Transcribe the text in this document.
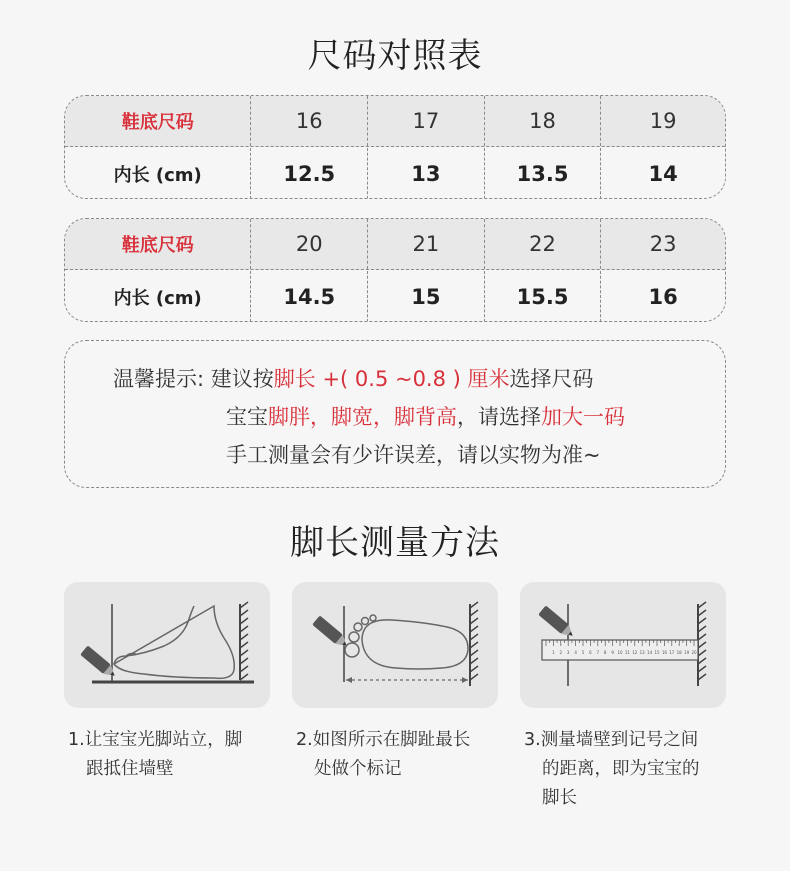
尺码对照表
鞋底尺码	16	17	18	19
内长 (cm)	12.5	13	13.5	14
鞋底尺码	20	21	22	23
内长 (cm)	14.5	15	15.5	16
温馨提示: 建议按脚长 +( 0.5 ~0.8 ) 厘米选择尺码
宝宝脚胖，脚宽，脚背高，请选择加大一码
手工测量会有少许误差，请以实物为准~
脚长测量方法
1 2 3 4 5 6 7 8 9 10 11 12 13 14 15 16 17 18 19 20
1.让宝宝光脚站立，脚
跟抵住墙壁
2.如图所示在脚趾最长
处做个标记
3.测量墙壁到记号之间
的距离，即为宝宝的
脚长
